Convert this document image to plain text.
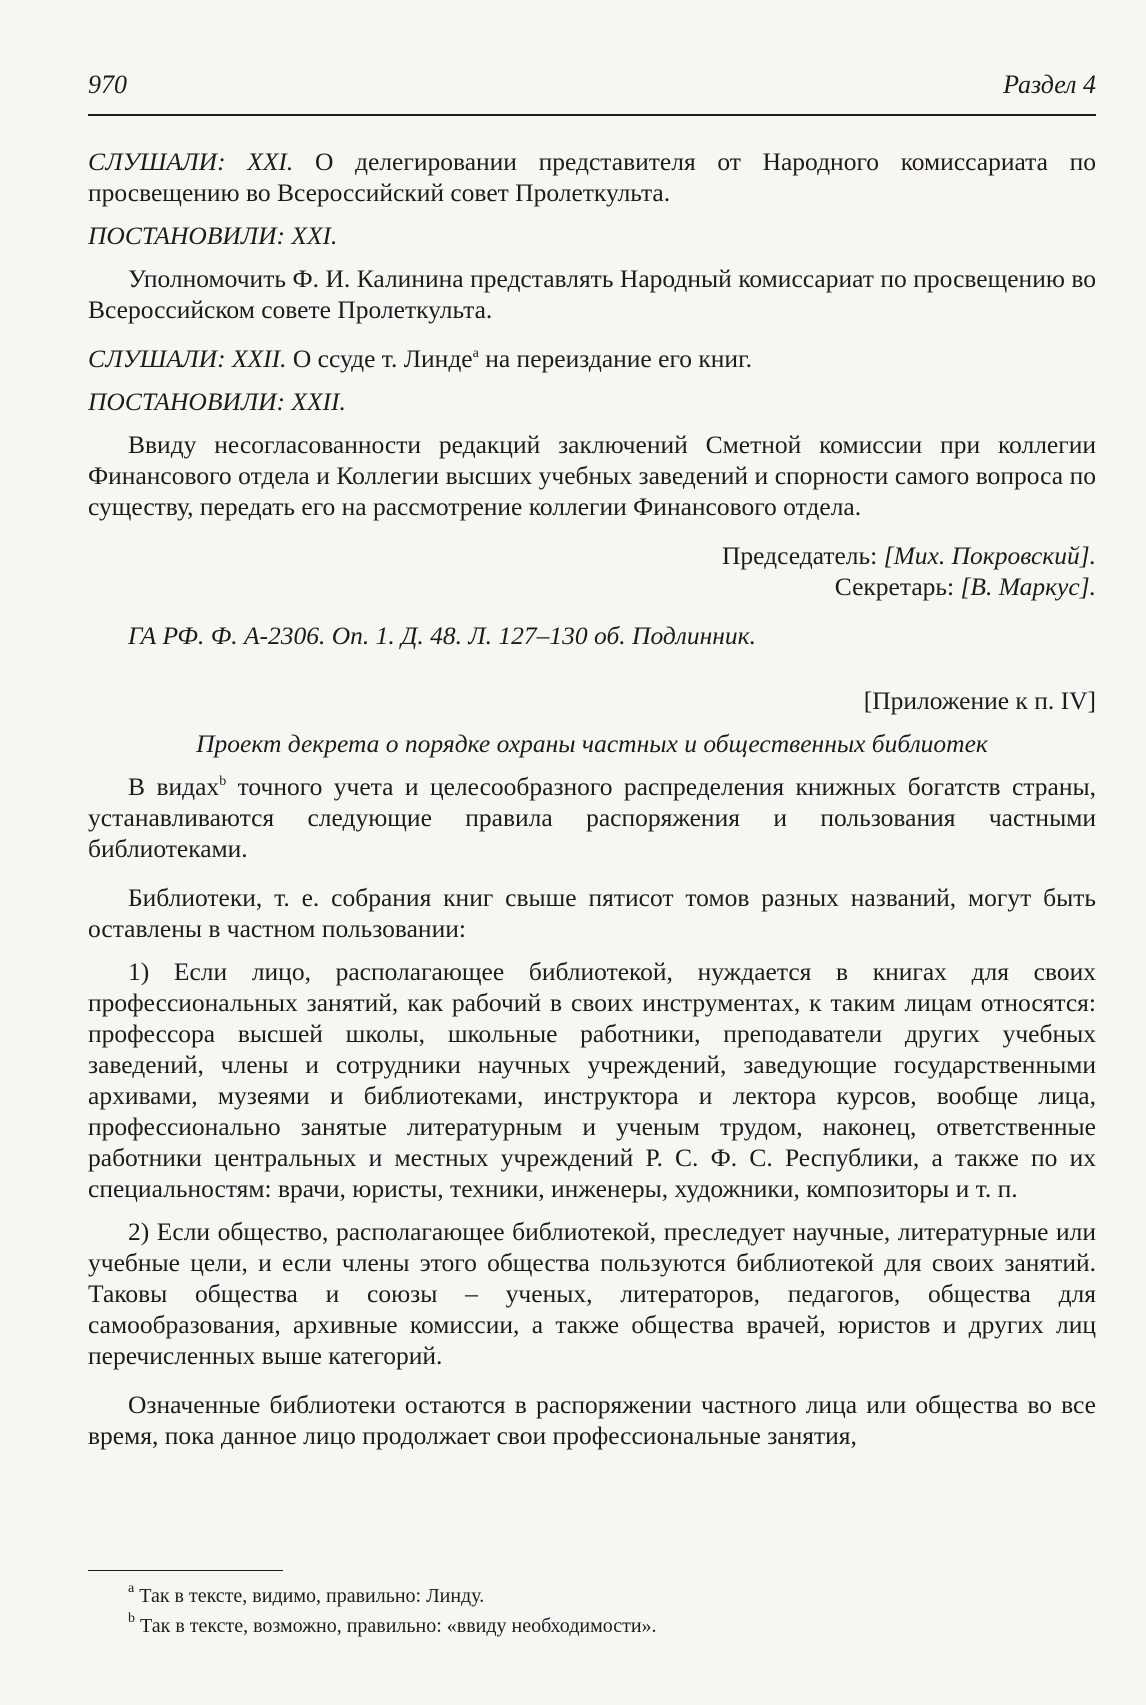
970	Раздел 4

СЛУШАЛИ: XXI. О делегировании представителя от Народного комиссариата по просвещению во Всероссийский совет Пролеткульта.

ПОСТАНОВИЛИ: XXI.

Уполномочить Ф. И. Калинина представлять Народный комиссариат по просвещению во Всероссийском совете Пролеткульта.

СЛУШАЛИ: XXII. О ссуде т. Линде$^a$ на переиздание его книг.

ПОСТАНОВИЛИ: XXII.

Ввиду несогласованности редакций заключений Сметной комиссии при коллегии Финансового отдела и Коллегии высших учебных заведений и спорности самого вопроса по существу, передать его на рассмотрение коллегии Финансового отдела.

Председатель: [Мих. Покровский].

Секретарь: [В. Маркус].

ГА РФ. Ф. А-2306. Оп. 1. Д. 48. Л. 127–130 об. Подлинник.

[Приложение к п. IV]

Проект декрета о порядке охраны частных и общественных библиотек

В видах$^b$ точного учета и целесообразного распределения книжных богатств страны, устанавливаются следующие правила распоряжения и пользования частными библиотеками.

Библиотеки, т. е. собрания книг свыше пятисот томов разных названий, могут быть оставлены в частном пользовании:

1) Если лицо, располагающее библиотекой, нуждается в книгах для своих профессиональных занятий, как рабочий в своих инструментах, к таким лицам относятся: профессора высшей школы, школьные работники, преподаватели других учебных заведений, члены и сотрудники научных учреждений, заведующие государственными архивами, музеями и библиотеками, инструктора и лектора курсов, вообще лица, профессионально занятые литературным и ученым трудом, наконец, ответственные работники центральных и местных учреждений Р. С. Ф. С. Республики, а также по их специальностям: врачи, юристы, техники, инженеры, художники, композиторы и т. п.

2) Если общество, располагающее библиотекой, преследует научные, литературные или учебные цели, и если члены этого общества пользуются библиотекой для своих занятий. Таковы общества и союзы – ученых, литераторов, педагогов, общества для самообразования, архивные комиссии, а также общества врачей, юристов и других лиц перечисленных выше категорий.

Означенные библиотеки остаются в распоряжении частного лица или общества во все время, пока данное лицо продолжает свои профессиональные занятия,

$^a$ Так в тексте, видимо, правильно: Линду.

$^b$ Так в тексте, возможно, правильно: «ввиду необходимости».
